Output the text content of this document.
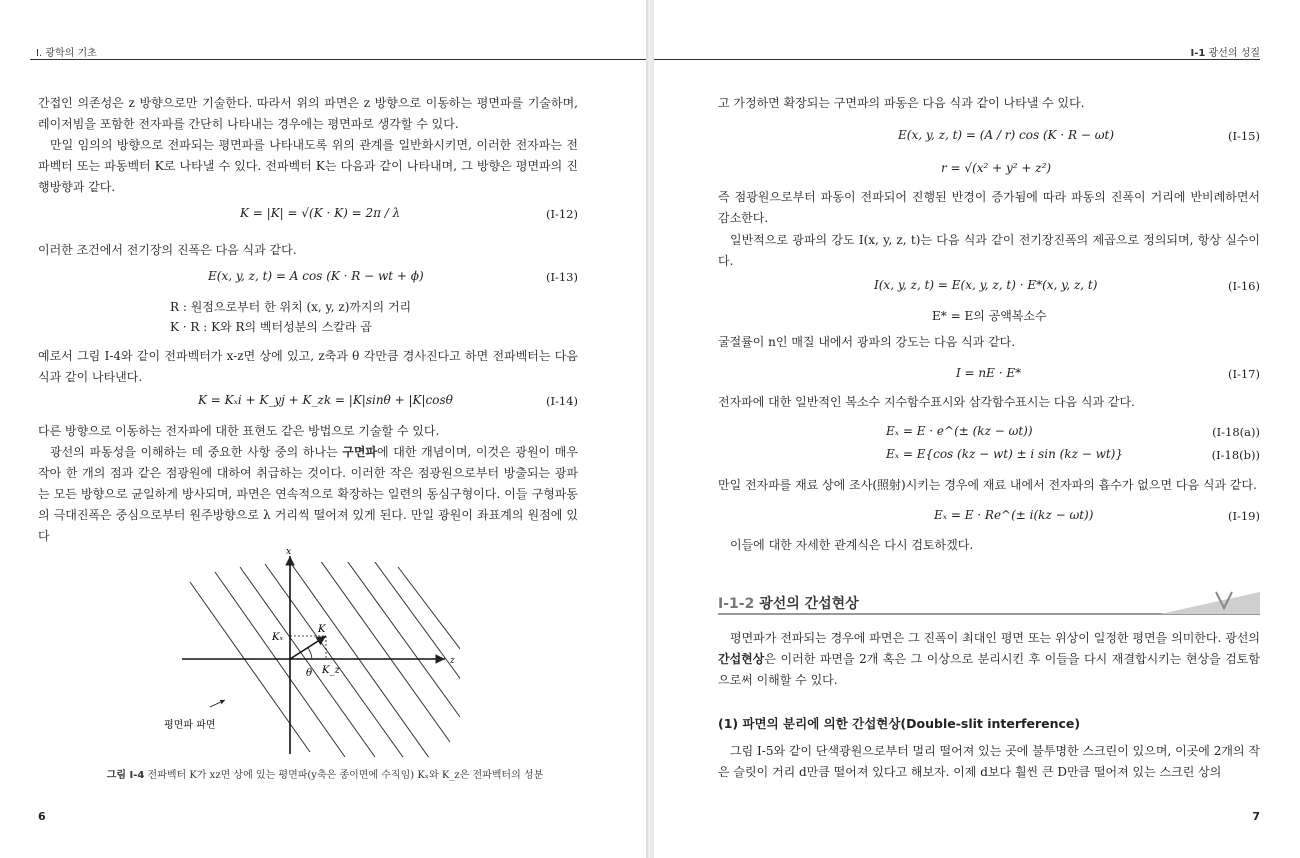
I. 광학의 기초

간접인 의존성은 z 방향으로만 기술한다. 따라서 위의 파면은 z 방향으로 이동하는 평면파를 기술하며, 레이저빔을 포함한 전자파를 간단히 나타내는 경우에는 평면파로 생각할 수 있다.

만일 임의의 방향으로 전파되는 평면파를 나타내도록 위의 관계를 일반화시키면, 이러한 전자파는 전파벡터 또는 파동벡터 K로 나타낼 수 있다. 전파벡터 K는 다음과 같이 나타내며, 그 방향은 평면파의 진행방향과 같다.

K = |K| = √(K · K) = 2π / λ	(I-12)

이러한 조건에서 전기장의 진폭은 다음 식과 같다.

E(x, y, z, t) = A cos (K · R − wt + ϕ)	(I-13)
R : 원점으로부터 한 위치 (x, y, z)까지의 거리
K · R : K와 R의 벡터성분의 스칼라 곱

예로서 그림 I-4와 같이 전파벡터가 x-z면 상에 있고, z축과 θ 각만큼 경사진다고 하면 전파벡터는 다음 식과 같이 나타낸다.

K = Kₓi + K_yj + K_zk = |K|sinθ + |K|cosθ	(I-14)

다른 방향으로 이동하는 전자파에 대한 표현도 같은 방법으로 기술할 수 있다.

광선의 파동성을 이해하는 데 중요한 사항 중의 하나는 구면파에 대한 개념이며, 이것은 광원이 매우 작아 한 개의 점과 같은 점광원에 대하여 취급하는 것이다. 이러한 작은 점광원으로부터 방출되는 광파는 모든 방향으로 균일하게 방사되며, 파면은 연속적으로 확장하는 일련의 동심구형이다. 이들 구형파동의 극대진폭은 중심으로부터 원주방향으로 λ 거리씩 떨어져 있게 된다. 만일 광원이 좌표계의 원점에 있다

x
z
K
Kₓ
K_z
θ
평면파 파면
그림 I-4 전파벡터 K가 xz면 상에 있는 평면파(y축은 종이면에 수직임) Kₓ와 K_z은 전파벡터의 성분
6
I-1 광선의 성질

고 가정하면 확장되는 구면파의 파동은 다음 식과 같이 나타낼 수 있다.

E(x, y, z, t) = (A / r) cos (K · R − ωt)	(I-15)
r = √(x² + y² + z²)

즉 점광원으로부터 파동이 전파되어 진행된 반경이 증가됨에 따라 파동의 진폭이 거리에 반비례하면서 감소한다.

일반적으로 광파의 강도 I(x, y, z, t)는 다음 식과 같이 전기장진폭의 제곱으로 정의되며, 항상 실수이다.

I(x, y, z, t) = E(x, y, z, t) · E*(x, y, z, t)	(I-16)
E* = E의 공액복소수

굴절률이 n인 매질 내에서 광파의 강도는 다음 식과 같다.

I = nE · E*	(I-17)

전자파에 대한 일반적인 복소수 지수함수표시와 삼각함수표시는 다음 식과 같다.

Eₓ = E · e^(± (kz − ωt))	(I-18(a))
Eₓ = E{cos (kz − wt) ± i sin (kz − wt)}	(I-18(b))

만일 전자파를 재료 상에 조사(照射)시키는 경우에 재료 내에서 전자파의 흡수가 없으면 다음 식과 같다.

Eₓ = E · Re^(± i(kz − ωt))	(I-19)

이들에 대한 자세한 관계식은 다시 검토하겠다.

I-1-2 광선의 간섭현상

평면파가 전파되는 경우에 파면은 그 진폭이 최대인 평면 또는 위상이 일정한 평면을 의미한다. 광선의 간섭현상은 이러한 파면을 2개 혹은 그 이상으로 분리시킨 후 이들을 다시 재결합시키는 현상을 검토함으로써 이해할 수 있다.

(1) 파면의 분리에 의한 간섭현상(Double-slit interference)

그림 I-5와 같이 단색광원으로부터 멀리 떨어져 있는 곳에 불투명한 스크린이 있으며, 이곳에 2개의 작은 슬릿이 거리 d만큼 떨어져 있다고 해보자. 이제 d보다 훨씬 큰 D만큼 떨어져 있는 스크린 상의

7
